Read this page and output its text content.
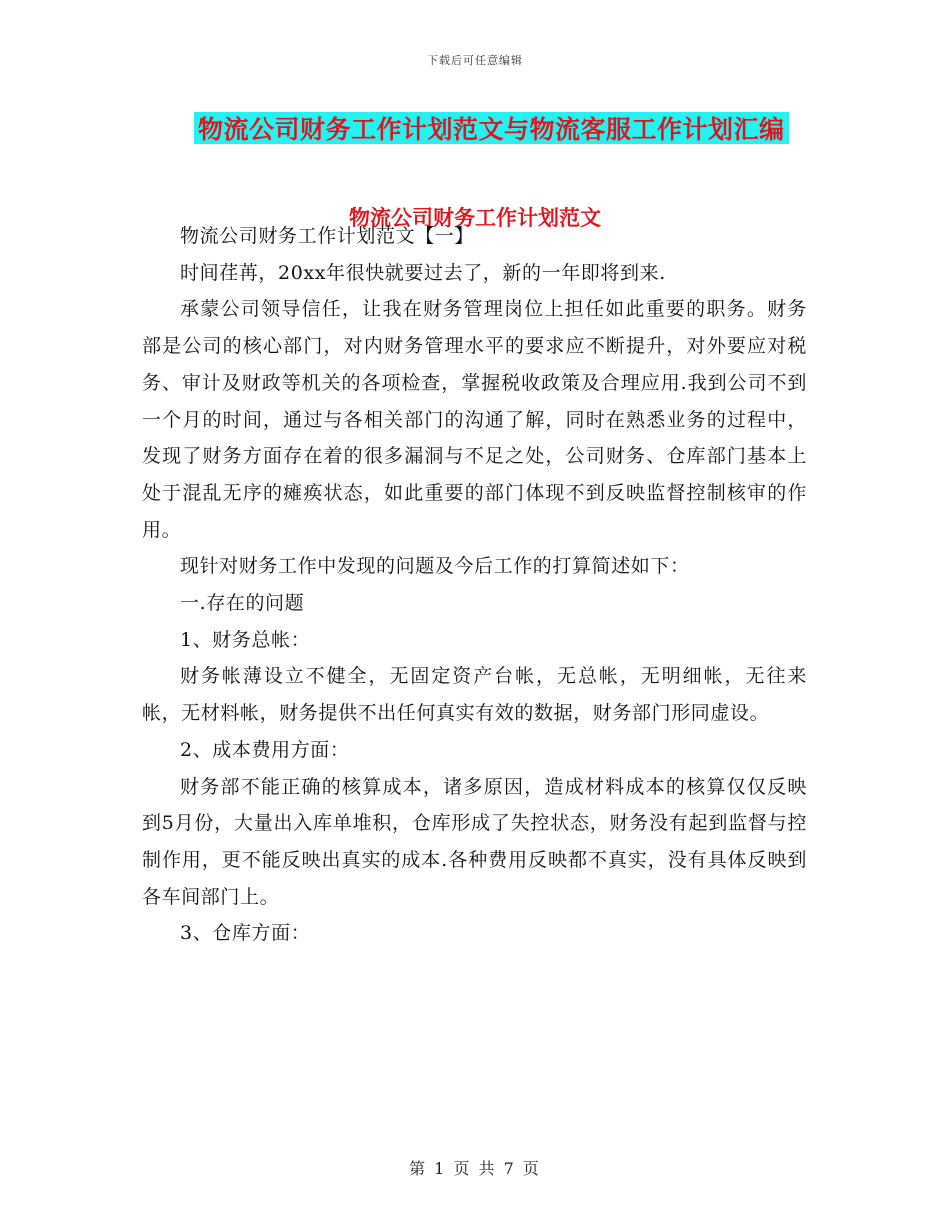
下载后可任意编辑
物流公司财务工作计划范文与物流客服工作计划汇编
物流公司财务工作计划范文

物流公司财务工作计划范文【一】

时间荏苒，20xx年很快就要过去了，新的一年即将到来.

承蒙公司领导信任，让我在财务管理岗位上担任如此重要的职务。财务部是公司的核心部门，对内财务管理水平的要求应不断提升，对外要应对税务、审计及财政等机关的各项检查，掌握税收政策及合理应用.我到公司不到一个月的时间，通过与各相关部门的沟通了解，同时在熟悉业务的过程中，发现了财务方面存在着的很多漏洞与不足之处，公司财务、仓库部门基本上处于混乱无序的瘫痪状态，如此重要的部门体现不到反映监督控制核审的作用。

现针对财务工作中发现的问题及今后工作的打算简述如下：

一.存在的问题

1、财务总帐：

财务帐薄设立不健全，无固定资产台帐，无总帐，无明细帐，无往来帐，无材料帐，财务提供不出任何真实有效的数据，财务部门形同虚设。

2、成本费用方面：

财务部不能正确的核算成本，诸多原因，造成材料成本的核算仅仅反映到5月份，大量出入库单堆积，仓库形成了失控状态，财务没有起到监督与控制作用，更不能反映出真实的成本.各种费用反映都不真实，没有具体反映到各车间部门上。

3、仓库方面：

第 1 页 共 7 页
